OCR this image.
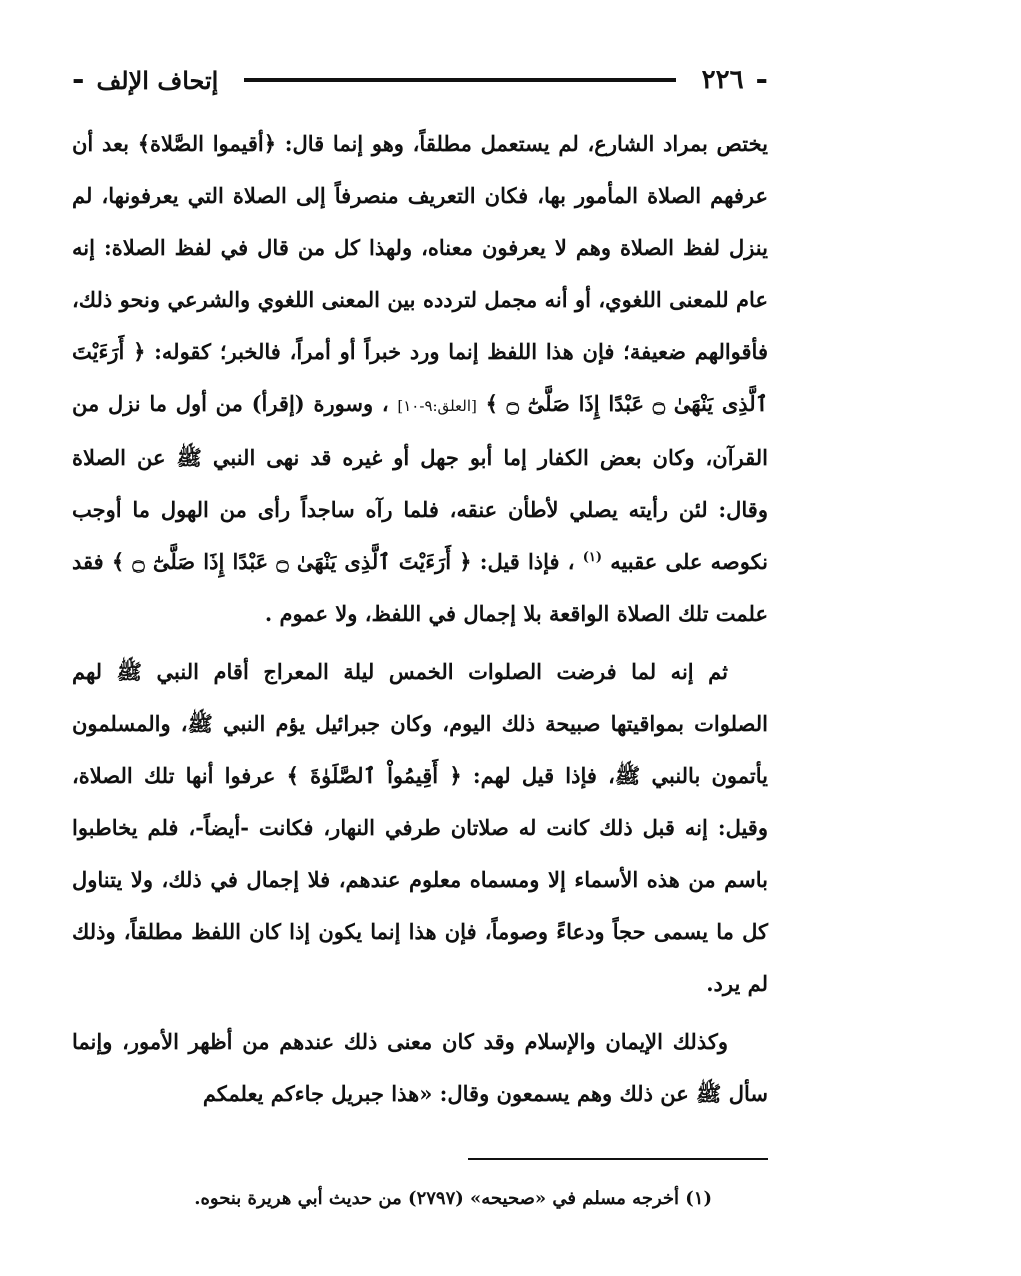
-
٢٢٦
إتحاف الإلف
-

يختص بمراد الشارع، لم يستعمل مطلقاً، وهو إنما قال: ﴿أقيموا الصَّلاة﴾ بعد أن عرفهم الصلاة المأمور بها، فكان التعريف منصرفاً إلى الصلاة التي يعرفونها، لم ينزل لفظ الصلاة وهم لا يعرفون معناه، ولهذا كل من قال في لفظ الصلاة: إنه عام للمعنى اللغوي، أو أنه مجمل لتردده بين المعنى اللغوي والشرعي ونحو ذلك، فأقوالهم ضعيفة؛ فإن هذا اللفظ إنما ورد خبراً أو أمراً، فالخبر؛ كقوله: ﴿ أَرَءَيْتَ ٱلَّذِى يَنْهَىٰ ۝ عَبْدًا إِذَا صَلَّىٰٓ ۝ ﴾ [العلق:٩-١٠] ، وسورة (إقرأ) من أول ما نزل من القرآن، وكان بعض الكفار إما أبو جهل أو غيره قد نهى النبي ﷺ عن الصلاة وقال: لئن رأيته يصلي لأطأن عنقه، فلما رآه ساجداً رأى من الهول ما أوجب نكوصه على عقبيه $^{(١)}$ ، فإذا قيل: ﴿ أَرَءَيْتَ ٱلَّذِى يَنْهَىٰ ۝ عَبْدًا إِذَا صَلَّىٰٓ ۝ ﴾ فقد علمت تلك الصلاة الواقعة بلا إجمال في اللفظ، ولا عموم .

ثم إنه لما فرضت الصلوات الخمس ليلة المعراج أقام النبي ﷺ لهم الصلوات بمواقيتها صبيحة ذلك اليوم، وكان جبرائيل يؤم النبي ﷺ، والمسلمون يأتمون بالنبي ﷺ، فإذا قيل لهم: ﴿ أَقِيمُواْ ٱلصَّلَوٰةَ ﴾ عرفوا أنها تلك الصلاة، وقيل: إنه قبل ذلك كانت له صلاتان طرفي النهار، فكانت -أيضاً-، فلم يخاطبوا باسم من هذه الأسماء إلا ومسماه معلوم عندهم، فلا إجمال في ذلك، ولا يتناول كل ما يسمى حجاً ودعاءً وصوماً، فإن هذا إنما يكون إذا كان اللفظ مطلقاً، وذلك لم يرد.

وكذلك الإيمان والإسلام وقد كان معنى ذلك عندهم من أظهر الأمور، وإنما سأل ﷺ عن ذلك وهم يسمعون وقال: «هذا جبريل جاءكم يعلمكم

(١) أخرجه مسلم في «صحيحه» (٢٧٩٧) من حديث أبي هريرة بنحوه.
